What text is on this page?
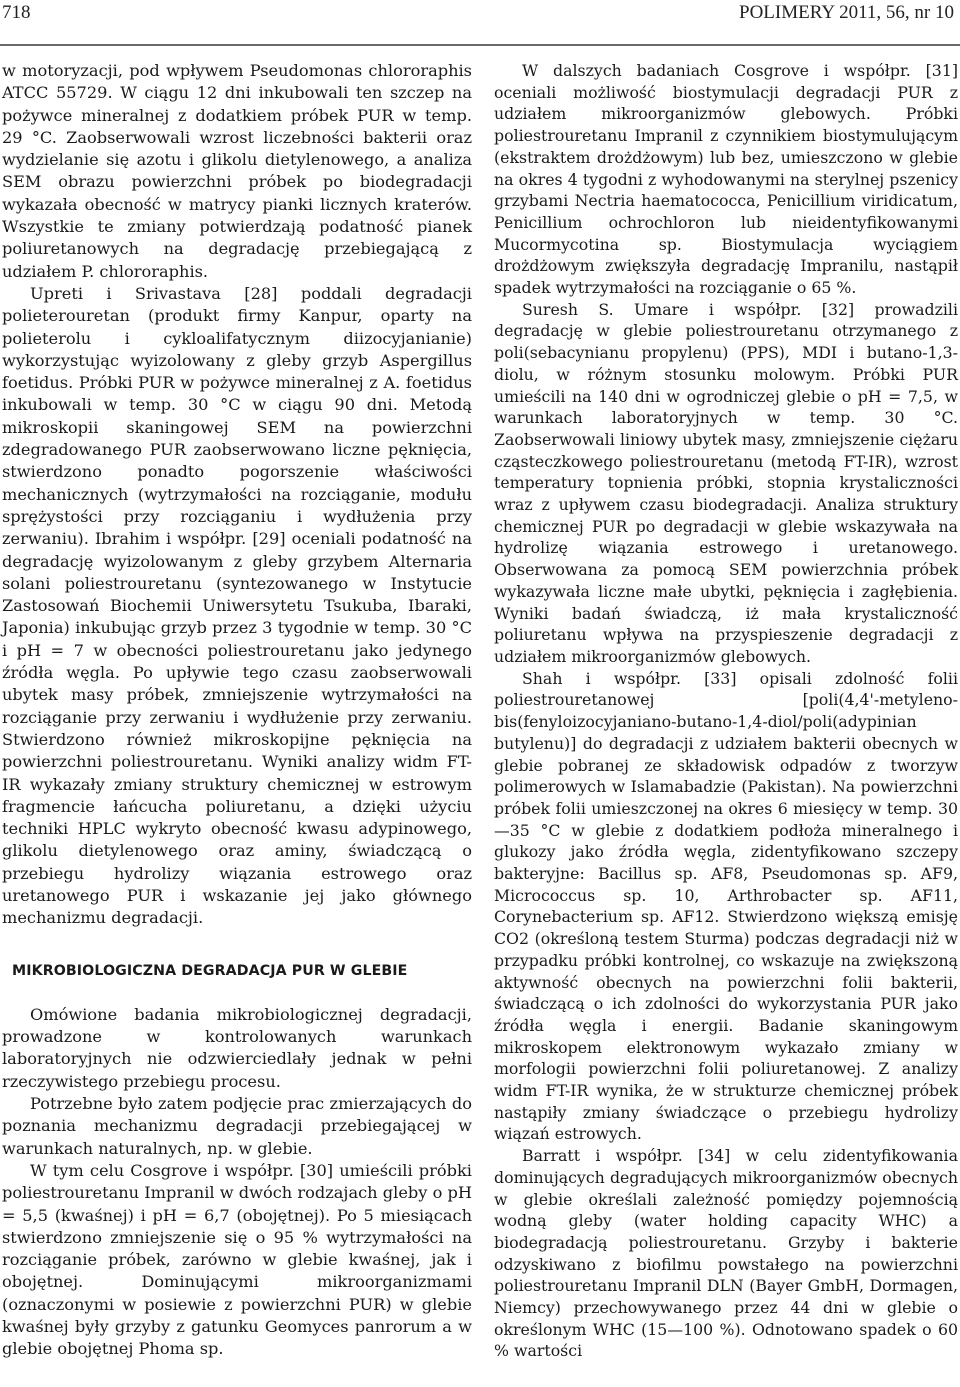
718	POLIMERY 2011, 56, nr 10

w motoryzacji, pod wpływem Pseudomonas chlororaphis ATCC 55729. W ciągu 12 dni inkubowali ten szczep na pożywce mineralnej z dodatkiem próbek PUR w temp. 29 °C. Zaobserwowali wzrost liczebności bakterii oraz wydzielanie się azotu i glikolu dietylenowego, a analiza SEM obrazu powierzchni próbek po biodegradacji wykazała obecność w matrycy pianki licznych kraterów. Wszystkie te zmiany potwierdzają podatność pianek poliuretanowych na degradację przebiegającą z udziałem P. chlororaphis.

Upreti i Srivastava [28] poddali degradacji polieterouretan (produkt firmy Kanpur, oparty na polieterolu i cykloalifatycznym diizocyjanianie) wykorzystując wyizolowany z gleby grzyb Aspergillus foetidus. Próbki PUR w pożywce mineralnej z A. foetidus inkubowali w temp. 30 °C w ciągu 90 dni. Metodą mikroskopii skaningowej SEM na powierzchni zdegradowanego PUR zaobserwowano liczne pęknięcia, stwierdzono ponadto pogorszenie właściwości mechanicznych (wytrzymałości na rozciąganie, modułu sprężystości przy rozciąganiu i wydłużenia przy zerwaniu). Ibrahim i współpr. [29] oceniali podatność na degradację wyizolowanym z gleby grzybem Alternaria solani poliestrouretanu (syntezowanego w Instytucie Zastosowań Biochemii Uniwersytetu Tsukuba, Ibaraki, Japonia) inkubując grzyb przez 3 tygodnie w temp. 30 °C i pH = 7 w obecności poliestrouretanu jako jedynego źródła węgla. Po upływie tego czasu zaobserwowali ubytek masy próbek, zmniejszenie wytrzymałości na rozciąganie przy zerwaniu i wydłużenie przy zerwaniu. Stwierdzono również mikroskopijne pęknięcia na powierzchni poliestrouretanu. Wyniki analizy widm FT-IR wykazały zmiany struktury chemicznej w estrowym fragmencie łańcucha poliuretanu, a dzięki użyciu techniki HPLC wykryto obecność kwasu adypinowego, glikolu dietylenowego oraz aminy, świadczącą o przebiegu hydrolizy wiązania estrowego oraz uretanowego PUR i wskazanie jej jako głównego mechanizmu degradacji.

MIKROBIOLOGICZNA DEGRADACJA PUR W GLEBIE

Omówione badania mikrobiologicznej degradacji, prowadzone w kontrolowanych warunkach laboratoryjnych nie odzwierciedlały jednak w pełni rzeczywistego przebiegu procesu.

Potrzebne było zatem podjęcie prac zmierzających do poznania mechanizmu degradacji przebiegającej w warunkach naturalnych, np. w glebie.

W tym celu Cosgrove i współpr. [30] umieścili próbki poliestrouretanu Impranil w dwóch rodzajach gleby o pH = 5,5 (kwaśnej) i pH = 6,7 (obojętnej). Po 5 miesiącach stwierdzono zmniejszenie się o 95 % wytrzymałości na rozciąganie próbek, zarówno w glebie kwaśnej, jak i obojętnej. Dominującymi mikroorganizmami (oznaczonymi w posiewie z powierzchni PUR) w glebie kwaśnej były grzyby z gatunku Geomyces panrorum a w glebie obojętnej Phoma sp.

W dalszych badaniach Cosgrove i współpr. [31] oceniali możliwość biostymulacji degradacji PUR z udziałem mikroorganizmów glebowych. Próbki poliestrouretanu Impranil z czynnikiem biostymulującym (ekstraktem drożdżowym) lub bez, umieszczono w glebie na okres 4 tygodni z wyhodowanymi na sterylnej pszenicy grzybami Nectria haematococca, Penicillium viridicatum, Penicillium ochrochloron lub nieidentyfikowanymi Mucormycotina sp. Biostymulacja wyciągiem drożdżowym zwiększyła degradację Impranilu, nastąpił spadek wytrzymałości na rozciąganie o 65 %.

Suresh S. Umare i współpr. [32] prowadzili degradację w glebie poliestrouretanu otrzymanego z poli(sebacynianu propylenu) (PPS), MDI i butano-1,3-diolu, w różnym stosunku molowym. Próbki PUR umieścili na 140 dni w ogrodniczej glebie o pH = 7,5, w warunkach laboratoryjnych w temp. 30 °C. Zaobserwowali liniowy ubytek masy, zmniejszenie ciężaru cząsteczkowego poliestrouretanu (metodą FT-IR), wzrost temperatury topnienia próbki, stopnia krystaliczności wraz z upływem czasu biodegradacji. Analiza struktury chemicznej PUR po degradacji w glebie wskazywała na hydrolizę wiązania estrowego i uretanowego. Obserwowana za pomocą SEM powierzchnia próbek wykazywała liczne małe ubytki, pęknięcia i zagłębienia. Wyniki badań świadczą, iż mała krystaliczność poliuretanu wpływa na przyspieszenie degradacji z udziałem mikroorganizmów glebowych.

Shah i współpr. [33] opisali zdolność folii poliestrouretanowej [poli(4,4'-metyleno-bis(fenyloizocyjaniano-butano-1,4-diol/poli(adypinian butylenu)] do degradacji z udziałem bakterii obecnych w glebie pobranej ze składowisk odpadów z tworzyw polimerowych w Islamabadzie (Pakistan). Na powierzchni próbek folii umieszczonej na okres 6 miesięcy w temp. 30—35 °C w glebie z dodatkiem podłoża mineralnego i glukozy jako źródła węgla, zidentyfikowano szczepy bakteryjne: Bacillus sp. AF8, Pseudomonas sp. AF9, Micrococcus sp. 10, Arthrobacter sp. AF11, Corynebacterium sp. AF12. Stwierdzono większą emisję CO2 (określoną testem Sturma) podczas degradacji niż w przypadku próbki kontrolnej, co wskazuje na zwiększoną aktywność obecnych na powierzchni folii bakterii, świadczącą o ich zdolności do wykorzystania PUR jako źródła węgla i energii. Badanie skaningowym mikroskopem elektronowym wykazało zmiany w morfologii powierzchni folii poliuretanowej. Z analizy widm FT-IR wynika, że w strukturze chemicznej próbek nastąpiły zmiany świadczące o przebiegu hydrolizy wiązań estrowych.

Barratt i współpr. [34] w celu zidentyfikowania dominujących degradujących mikroorganizmów obecnych w glebie określali zależność pomiędzy pojemnością wodną gleby (water holding capacity WHC) a biodegradacją poliestrouretanu. Grzyby i bakterie odzyskiwano z biofilmu powstałego na powierzchni poliestrouretanu Impranil DLN (Bayer GmbH, Dormagen, Niemcy) przechowywanego przez 44 dni w glebie o określonym WHC (15—100 %). Odnotowano spadek o 60 % wartości
